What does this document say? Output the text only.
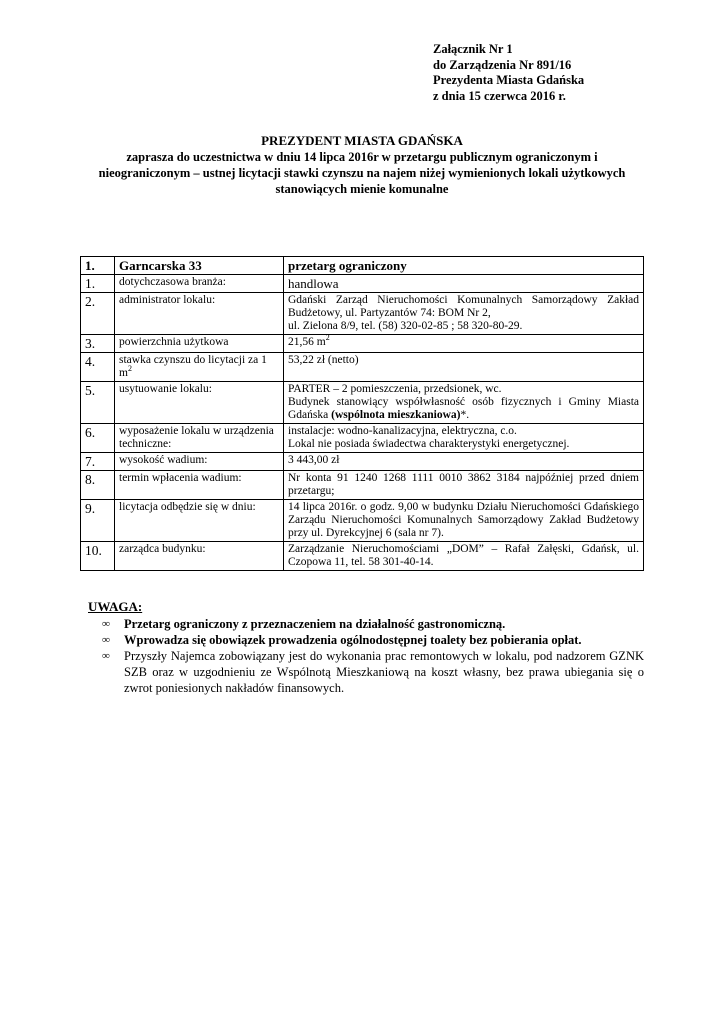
Załącznik Nr 1
do Zarządzenia Nr 891/16
Prezydenta Miasta Gdańska
z dnia 15 czerwca 2016 r.
PREZYDENT MIASTA GDAŃSKA
zaprasza do uczestnictwa w dniu 14 lipca 2016r w przetargu publicznym ograniczonym i nieograniczonym – ustnej licytacji stawki czynszu na najem niżej wymienionych lokali użytkowych stanowiących mienie komunalne
1.	Garncarska 33	przetarg ograniczony
1.	dotychczasowa branża:	handlowa
2.	administrator lokalu:	Gdański Zarząd Nieruchomości Komunalnych Samorządowy Zakład Budżetowy, ul. Partyzantów 74: BOM Nr 2,
ul. Zielona 8/9, tel. (58) 320-02-85 ; 58 320-80-29.

3.	powierzchnia użytkowa	21,56 $m^2$
4.	stawka czynszu do licytacji za 1 $m^2$	53,22 zł (netto)
5.	usytuowanie lokalu:	PARTER – 2 pomieszczenia, przedsionek, wc.
Budynek stanowiący współwłasność osób fizycznych i Gminy Miasta Gdańska (wspólnota mieszkaniowa)*.

6.	wyposażenie lokalu w urządzenia techniczne:	instalacje: wodno-kanalizacyjna, elektryczna, c.o.
Lokal nie posiada świadectwa charakterystyki energetycznej.

7.	wysokość wadium:	3 443,00 zł
8.	termin wpłacenia wadium:	Nr konta 91 1240 1268 1111 0010 3862 3184 najpóźniej przed dniem przetargu;
9.	licytacja odbędzie się w dniu:	14 lipca 2016r. o godz. 9,00 w budynku Działu Nieruchomości Gdańskiego Zarządu Nieruchomości Komunalnych Samorządowy Zakład Budżetowy przy ul. Dyrekcyjnej 6 (sala nr 7).
10.	zarządca budynku:	Zarządzanie Nieruchomościami „DOM” – Rafał Załęski, Gdańsk, ul. Czopowa 11, tel. 58 301-40-14.
UWAGA:
∞ Przetarg ograniczony z przeznaczeniem na działalność gastronomiczną.
∞ Wprowadza się obowiązek prowadzenia ogólnodostępnej toalety bez pobierania opłat.
∞ Przyszły Najemca zobowiązany jest do wykonania prac remontowych w lokalu, pod nadzorem GZNK SZB oraz w uzgodnieniu ze Wspólnotą Mieszkaniową na koszt własny, bez prawa ubiegania się o zwrot poniesionych nakładów finansowych.
